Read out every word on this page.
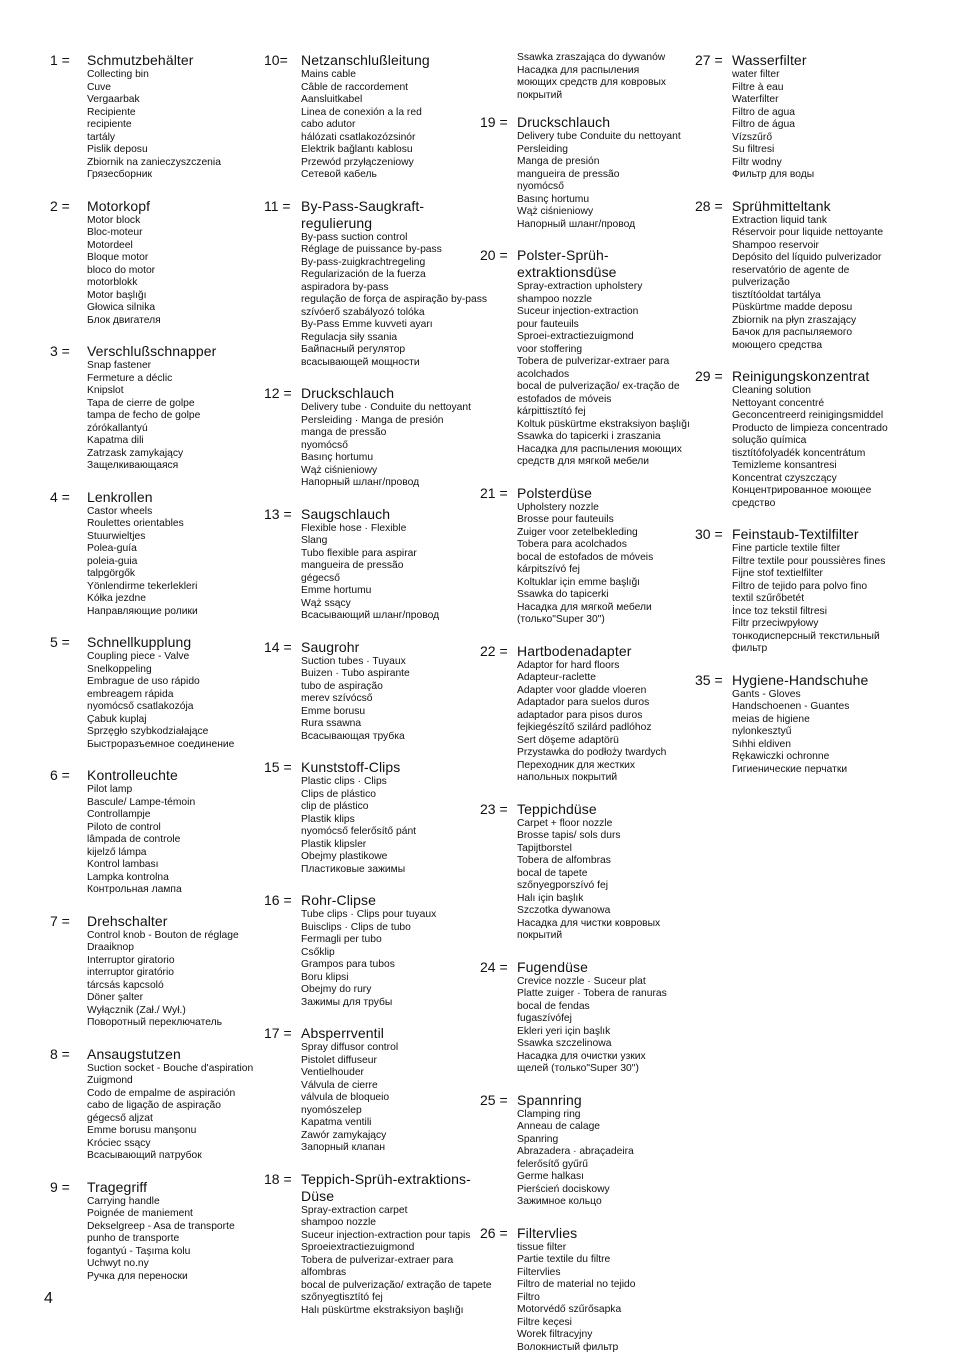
1 =	Schmutzbehälter
Collecting bin
Cuve
Vergaarbak
Recipiente
recipiente
tartály
Pislik deposu
Zbiornik na zanieczyszczenia
Грязесборник
2 =	Motorkopf
Motor block
Bloc-moteur
Motordeel
Bloque motor
bloco do motor
motorblokk
Motor başlığı
Głowica silnika
Блок двигателя
3 =	Verschlußschnapper
Snap fastener
Fermeture a déclic
Knipslot
Tapa de cierre de golpe
tampa de fecho de golpe
zórókallantyú
Kapatma dili
Zatrzask zamykający
Защелкивающаяся
4 =	Lenkrollen
Castor wheels
Roulettes orientables
Stuurwieltjes
Polea-guía
poleia-guia
talpgörgők
Yönlendirme tekerlekleri
Kółka jezdne
Направляющие ролики
5 =	Schnellkupplung
Coupling piece - Valve
Snelkoppeling
Embrague de uso rápido
embreagem rápida
nyomócső csatlakozója
Çabuk kuplaj
Sprzęgło szybkodziałające
Быстроразъемное соединение
6 =	Kontrolleuchte
Pilot lamp
Bascule/ Lampe-témoin
Controllampje
Piloto de control
lâmpada de controle
kijelző lámpa
Kontrol lambası
Lampka kontrolna
Контрольная лампа
7 =	Drehschalter
Control knob - Bouton de réglage
Draaiknop
Interruptor giratorio
interruptor giratório
tárcsás kapcsoló
Döner şalter
Wyłącznik (Zał./ Wył.)
Поворотный переключатель
8 =	Ansaugstutzen
Suction socket - Bouche d'aspiration
Zuigmond
Codo de empalme de aspiración
cabo de ligação de aspiração
gégecső aljzat
Emme borusu manşonu
Króciec ssący
Всасывающий патрубок
9 =	Tragegriff
Carrying handle
Poignée de maniement
Dekselgreep - Asa de transporte
punho de transporte
fogantyú - Taşıma kolu
Uchwyt no.ny
Ручка для переноски
10= Netzanschlußleitung
Mains cable
Câble de raccordement
Aansluitkabel
Linea de conexión a la red
cabo adutor
hálózati csatlakozózsinór
Elektrik bağlantı kablosu
Przewód przyłączeniowy
Сетевой кабель
11 = By-Pass-Saugkraft-regulierung
By-pass suction control
Réglage de puissance by-pass
By-pass-zuigkrachtregeling
Regularización de la fuerza
aspiradora by-pass
regulação de força de aspiração by-pass
szívóerő szabályozó tolóka
By-Pass Emme kuvveti ayarı
Regulacja siły ssania
Байпасный регулятор
всасывающей мощности
12 = Druckschlauch
Delivery tube · Conduite du nettoyant
Persleiding · Manga de presión
manga de pressão
nyomócső
Basınç hortumu
Wąż ciśnieniowy
Напорный шланг/провод
13 = Saugschlauch
Flexible hose · Flexible
Slang
Tubo flexible para aspirar
mangueira de pressão
gégecső
Emme hortumu
Wąż ssący
Всасывающий шланг/провод
14 = Saugrohr
Suction tubes · Tuyaux
Buizen · Tubo aspirante
tubo de aspiração
merev szívócső
Emme borusu
Rura ssawna
Всасывающая трубка
15 = Kunststoff-Clips
Plastic clips · Clips
Clips de plástico
clip de plástico
Plastik klips
nyomócső felerősítő pánt
Plastik klipsler
Obejmy plastikowe
Пластиковые зажимы
16 = Rohr-Clipse
Tube clips · Clips pour tuyaux
Buisclips · Clips de tubo
Fermagli per tubo
Csőklip
Grampos para tubos
Boru klipsi
Obejmy do rury
Зажимы для трубы
17 = Absperrventil
Spray diffusor control
Pistolet diffuseur
Ventielhouder
Válvula de cierre
válvula de bloqueio
nyomószelep
Kapatma ventili
Zawór zamykający
Запорный клапан
18 = Teppich-Sprüh-extraktions-Düse
Spray-extraction carpet
shampoo nozzle
Suceur injection-extraction pour tapis
Sproeiextractiezuigmond
Tobera de pulverizar-extraer para
alfombras
bocal de pulverização/ extração de tapete
szőnyegtisztító fej
Halı püskürtme ekstraksiyon başlığı
Ssawka zraszająca do dywanów
Насадка для распыления
моющих средств для ковровых
покрытий
19 = Druckschlauch
Delivery tube Conduite du nettoyant
Persleiding
Manga de presión
mangueira de pressão
nyomócső
Basınç hortumu
Wąż ciśnieniowy
Напорный шланг/провод
20 = Polster-Sprüh-extraktionsdüse
Spray-extraction upholstery
shampoo nozzle
Suceur injection-extraction
pour fauteuils
Sproei-extractiezuigmond
voor stoffering
Tobera de pulverizar-extraer para
acolchados
bocal de pulverização/ ex-tração de
estofados de móveis
kárpittisztító fej
Koltuk püskürtme ekstraksiyon başlığı
Ssawka do tapicerki i zraszania
Насадка для распыления моющих
средств для мягкой мебели
21 = Polsterdüse
Upholstery nozzle
Brosse pour fauteuils
Zuiger voor zetelbekleding
Tobera para acolchados
bocal de estofados de móveis
kárpitszívó fej
Koltuklar için emme başlığı
Ssawka do tapicerki
Насадка для мягкой мебели
(только"Super 30")
22 = Hartbodenadapter
Adaptor for hard floors
Adapteur-raclette
Adapter voor gladde vloeren
Adaptador para suelos duros
adaptador para pisos duros
fejkiegészítő szilárd padlóhoz
Sert döşeme adaptörü
Przystawka do podłoży twardych
Переходник для жестких
напольных покрытий
23 = Teppichdüse
Carpet + floor nozzle
Brosse tapis/ sols durs
Tapijtborstel
Tobera de alfombras
bocal de tapete
szőnyegporszívó fej
Halı için başlık
Szczotka dywanowa
Насадка для чистки ковровых
покрытий
24 = Fugendüse
Crevice nozzle · Suceur plat
Platte zuiger · Tobera de ranuras
bocal de fendas
fugaszívófej
Ekleri yeri için başlık
Ssawka szczelinowa
Насадка для очистки узких
щелей (только"Super 30")
25 = Spannring
Clamping ring
Anneau de calage
Spanring
Abrazadera · abraçadeira
felerősítő gyűrű
Germe halkası
Pierścień dociskowy
Зажимное кольцо
26 = Filtervlies
tissue filter
Partie textile du filtre
Filtervlies
Filtro de material no tejido
Filtro
Motorvédő szűrősapka
Filtre keçesi
Worek filtracyjny
Волокнистый фильтр
27 = Wasserfilter
water filter
Filtre à eau
Waterfilter
Filtro de agua
Filtro de água
Vízszűrő
Su filtresi
Filtr wodny
Фильтр для воды
28 = Sprühmitteltank
Extraction liquid tank
Réservoir pour liquide nettoyante
Shampoo reservoir
Depósito del líquido pulverizador
reservatório de agente de
pulverização
tisztítóoldat tartálya
Püskürtme madde deposu
Zbiornik na płyn zraszający
Бачок для распыляемого
моющего средства
29 = Reinigungskonzentrat
Cleaning solution
Nettoyant concentré
Geconcentreerd reinigingsmiddel
Producto de limpieza concentrado
solução química
tisztítófolyadék koncentrátum
Temizleme konsantresi
Koncentrat czyszczący
Концентрированное моющее
средство
30 = Feinstaub-Textilfilter
Fine particle textile filter
Filtre textile pour poussières fines
Fijne stof textielfilter
Filtro de tejido para polvo fino
textil szűrőbetét
İnce toz tekstil filtresi
Filtr przeciwpyłowy
тонкодисперсный текстильный
фильтр
35 = Hygiene-Handschuhe
Gants - Gloves
Handschoenen - Guantes
meias de higiene
nylonkesztyű
Sıhhi eldiven
Rękawiczki ochronne
Гигиенические перчатки
4
